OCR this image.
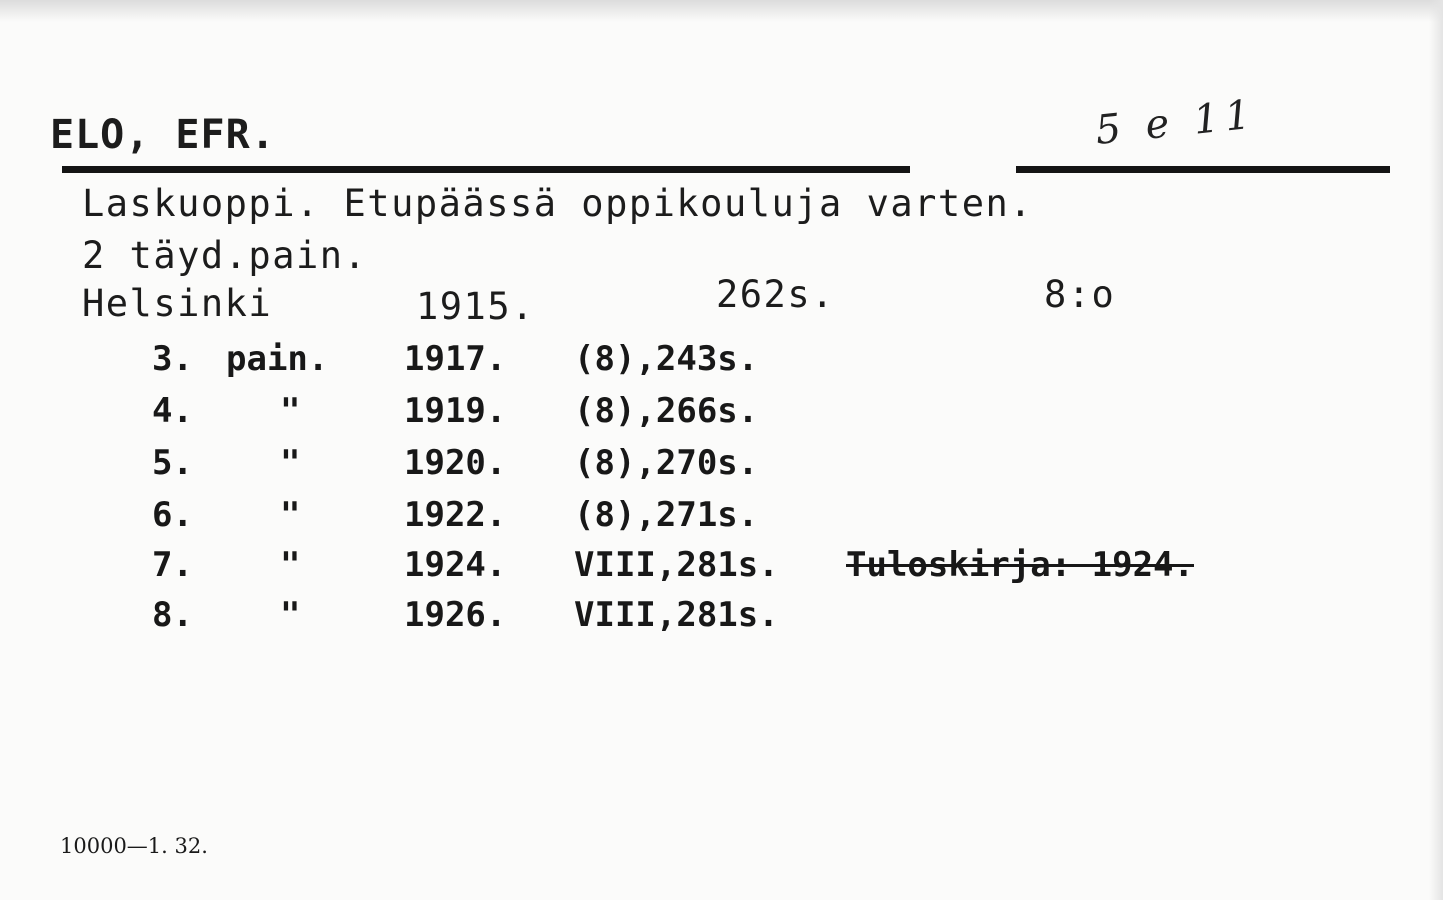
ELO, EFR.	5 e 11
Laskuoppi. Etupäässä oppikouluja varten.
2 täyd.pain.
Helsinki	1915.	262s.	8:o
3. pain. 1917. (8),243s.
4.	"	1919. (8),266s.
5.	"	1920. (8),270s.
6.	"	1922. (8),271s.
7.	"	1924. VIII,281s. Tuloskirja: 1924.
8.	"	1926. VIII,281s.
10000—1. 32.
